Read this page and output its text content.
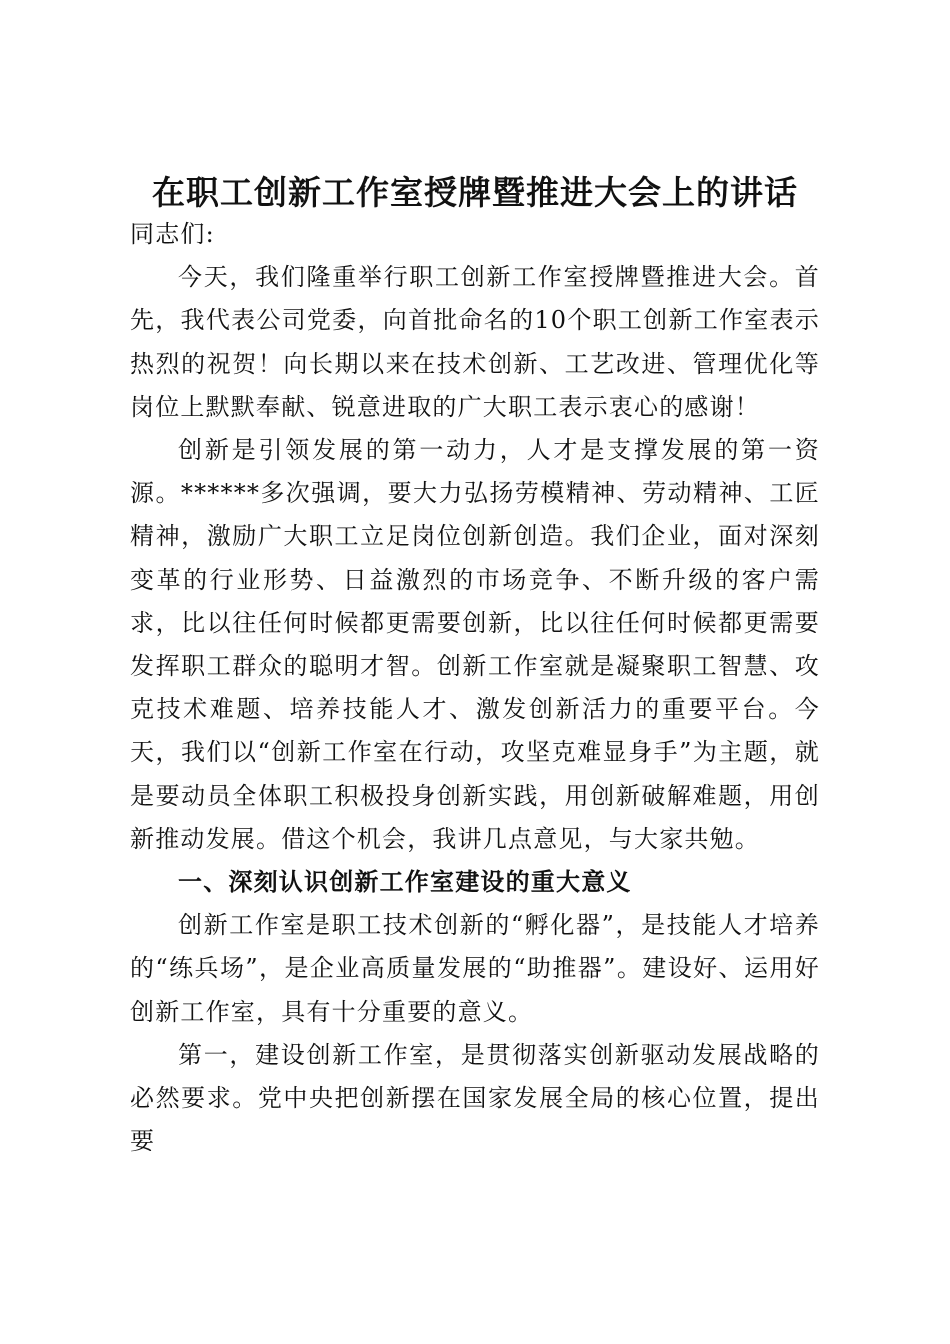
在职工创新工作室授牌暨推进大会上的讲话

同志们:

今天，我们隆重举行职工创新工作室授牌暨推进大会。首先，我代表公司党委，向首批命名的10个职工创新工作室表示热烈的祝贺！向长期以来在技术创新、工艺改进、管理优化等岗位上默默奉献、锐意进取的广大职工表示衷心的感谢！

创新是引领发展的第一动力，人才是支撑发展的第一资源。******多次强调，要大力弘扬劳模精神、劳动精神、工匠精神，激励广大职工立足岗位创新创造。我们企业，面对深刻变革的行业形势、日益激烈的市场竞争、不断升级的客户需求，比以往任何时候都更需要创新，比以往任何时候都更需要发挥职工群众的聪明才智。创新工作室就是凝聚职工智慧、攻克技术难题、培养技能人才、激发创新活力的重要平台。今天，我们以“创新工作室在行动，攻坚克难显身手”为主题，就是要动员全体职工积极投身创新实践，用创新破解难题，用创新推动发展。借这个机会，我讲几点意见，与大家共勉。

一、深刻认识创新工作室建设的重大意义

创新工作室是职工技术创新的“孵化器”，是技能人才培养的“练兵场”，是企业高质量发展的“助推器”。建设好、运用好创新工作室，具有十分重要的意义。

第一，建设创新工作室，是贯彻落实创新驱动发展战略的必然要求。党中央把创新摆在国家发展全局的核心位置，提出要
